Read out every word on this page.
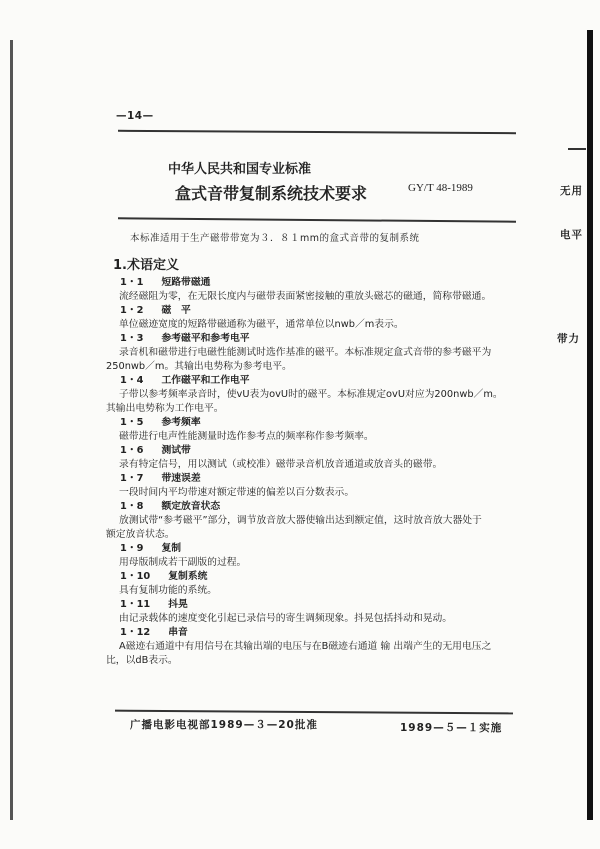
—14—
中华人民共和国专业标准
盒式音带复制系统技术要求	GY/T 48-1989	无用
本标准适用于生产磁带带宽为３．８１mm的盒式音带的复制系统	电平
1.术语定义
带力
1・1 短路带磁通
流经磁阻为零，在无限长度内与磁带表面紧密接触的重放头磁芯的磁通，简称带磁通。
1・2 磁　平
单位磁迹宽度的短路带磁通称为磁平，通常单位以nwb／m表示。
1・3 参考磁平和参考电平
录音机和磁带进行电磁性能测试时选作基准的磁平。本标准规定盒式音带的参考磁平为
250nwb／m。其输出电势称为参考电平。
1・4 工作磁平和工作电平
子带以参考频率录音时，使vU表为ovU时的磁平。本标准规定ovU对应为200nwb／m。
其输出电势称为工作电平。
1・5 参考频率
磁带进行电声性能测量时选作参考点的频率称作参考频率。
1・6 测试带
录有特定信号，用以测试（或校准）磁带录音机放音通道或放音头的磁带。
1・7 带速误差
一段时间内平均带速对额定带速的偏差以百分数表示。
1・8 额定放音状态
放测试带“参考磁平”部分，调节放音放大器使输出达到额定值，这时放音放大器处于
额定放音状态。
1・9 复制
用母版制成若干副版的过程。
1・10 复制系统
具有复制功能的系统。
1・11 抖晃
由记录载体的速度变化引起已录信号的寄生调频现象。抖晃包括抖动和晃动。
1・12 串音
A磁迹右通道中有用信号在其输出端的电压与在B磁迹右通道 输 出端产生的无用电压之
比，以dB表示。
广播电影电视部1989—３—20批准	1989—５—１实施
